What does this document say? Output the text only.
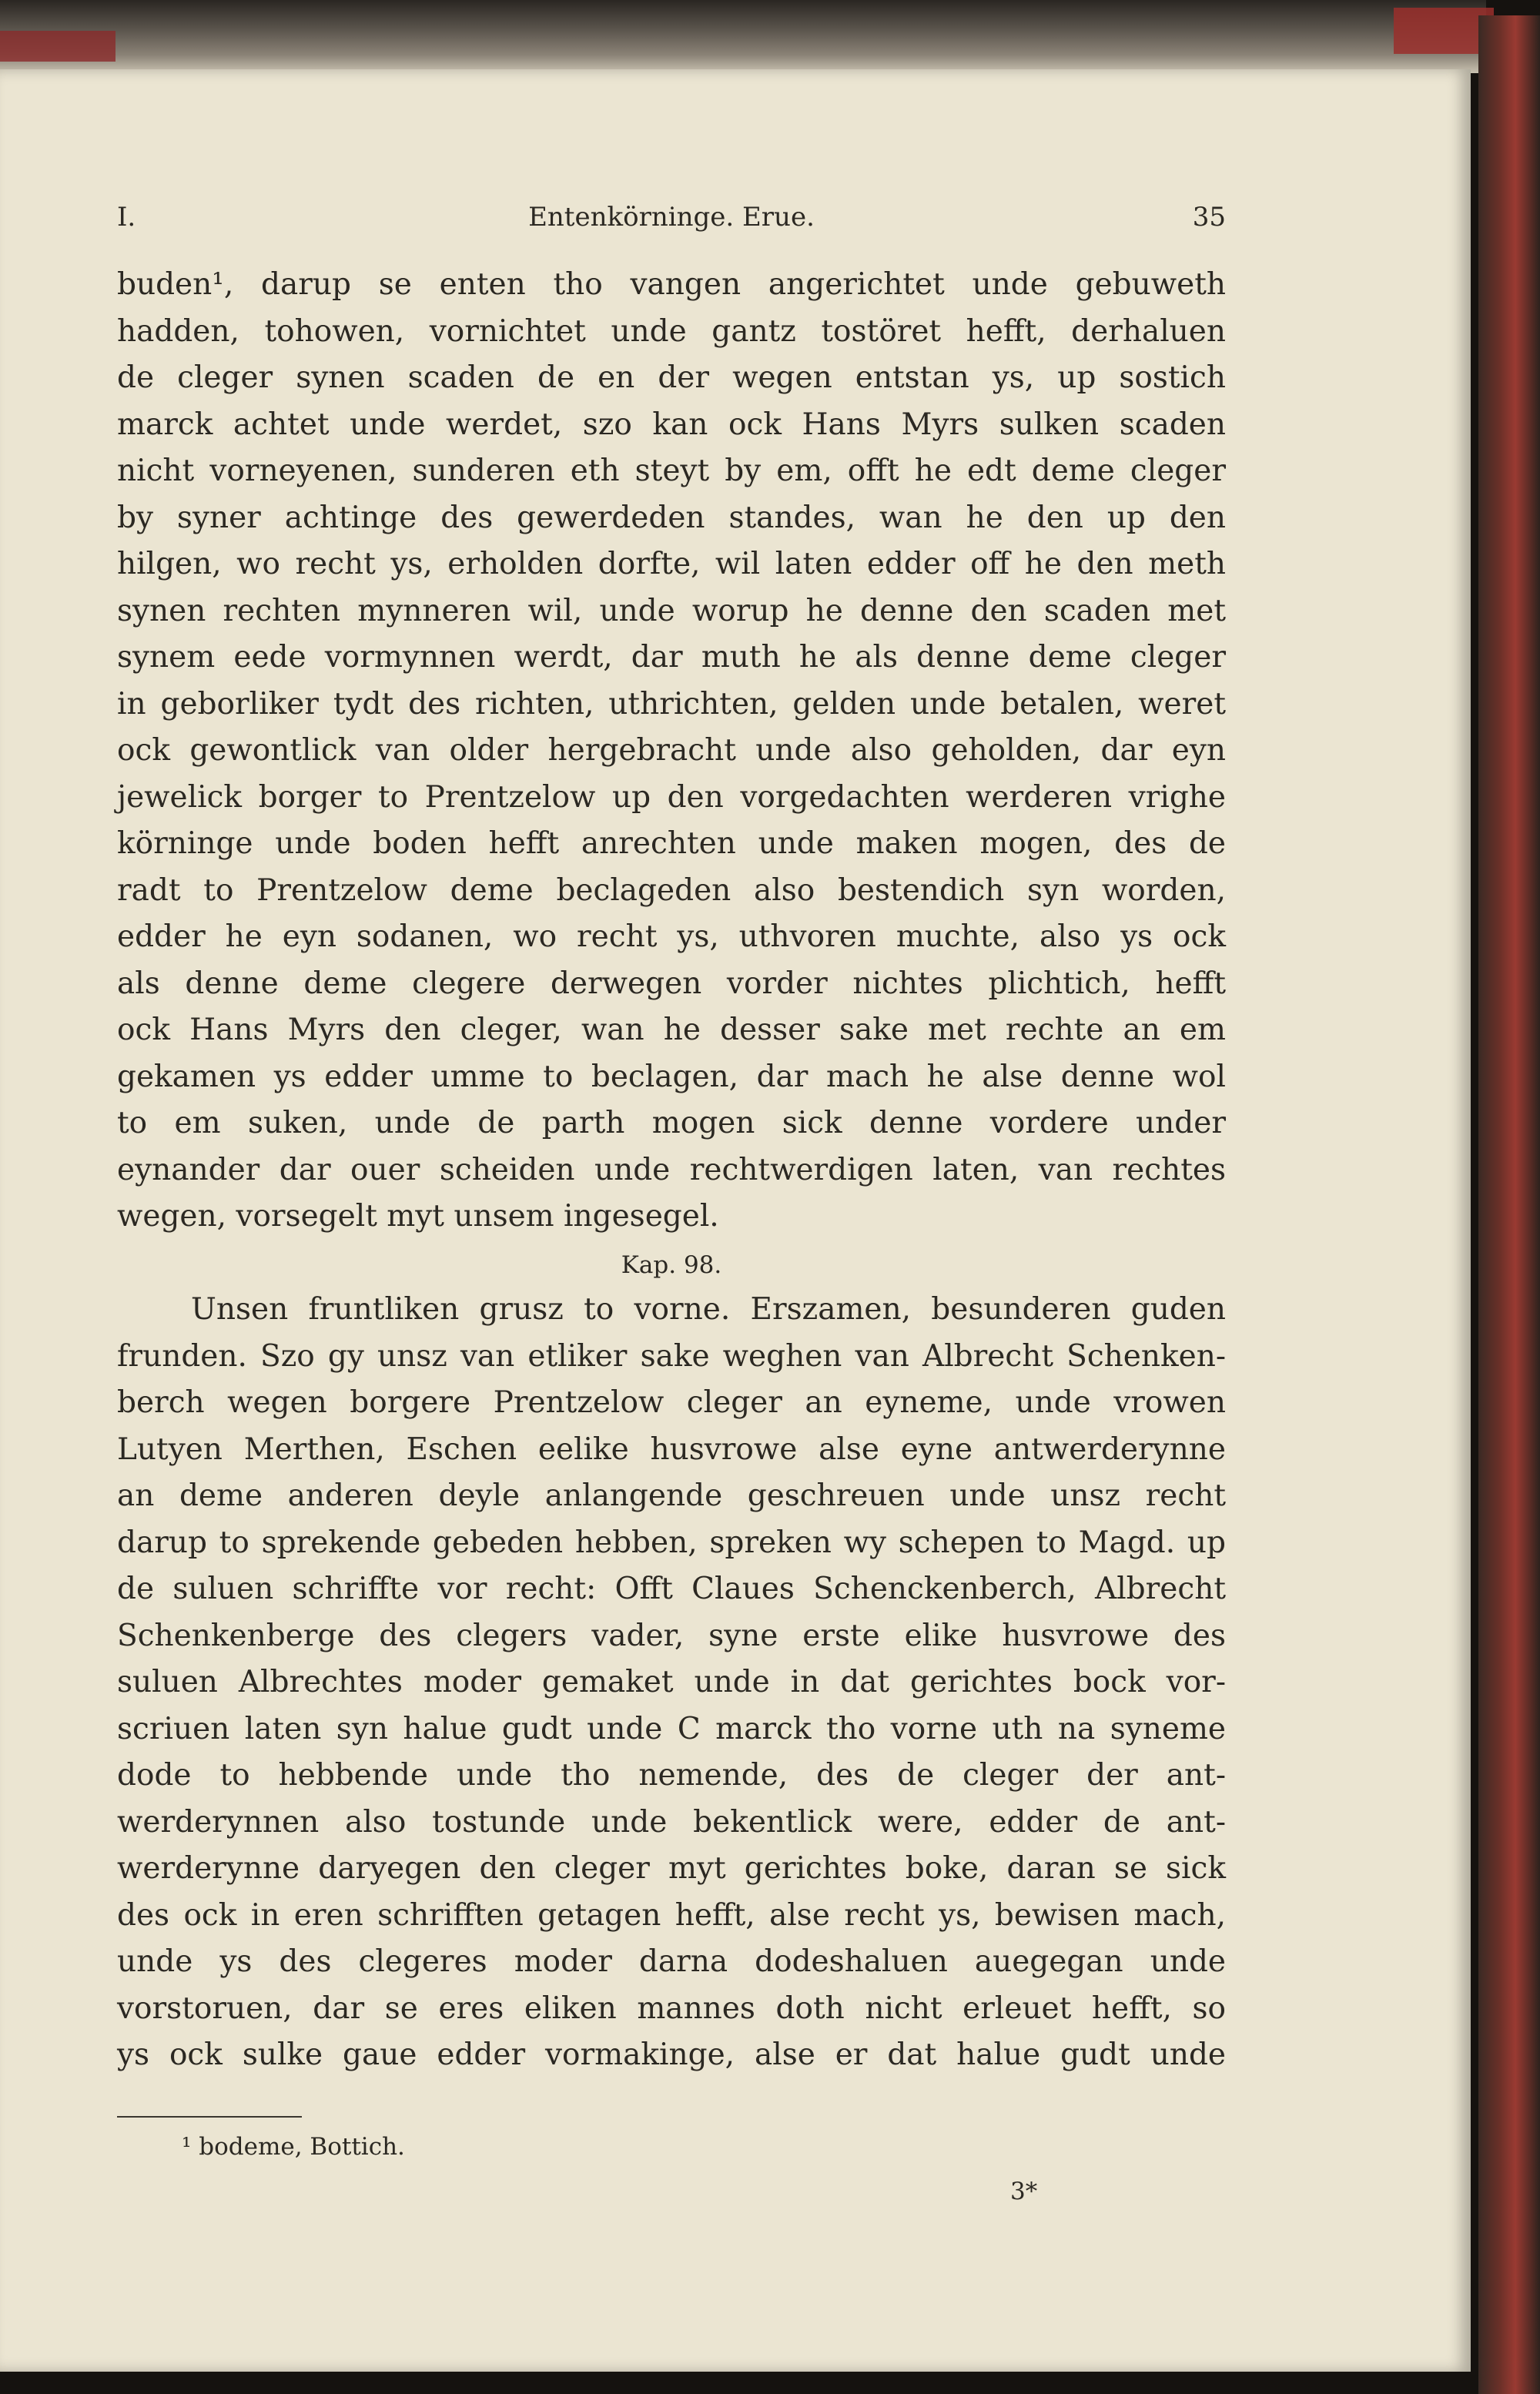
I.	Entenkörninge. Erue.	35
buden¹, darup se enten tho vangen angerichtet unde gebuweth
hadden, tohowen, vornichtet unde gantz tostöret hefft, derhaluen
de cleger synen scaden de en der wegen entstan ys, up sostich
marck achtet unde werdet, szo kan ock Hans Myrs sulken scaden
nicht vorneyenen, sunderen eth steyt by em, offt he edt deme cleger
by syner achtinge des gewerdeden standes, wan he den up den
hilgen, wo recht ys, erholden dorfte, wil laten edder off he den meth
synen rechten mynneren wil, unde worup he denne den scaden met
synem eede vormynnen werdt, dar muth he als denne deme cleger
in geborliker tydt des richten, uthrichten, gelden unde betalen, weret
ock gewontlick van older hergebracht unde also geholden, dar eyn
jewelick borger to Prentzelow up den vorgedachten werderen vrighe
körninge unde boden hefft anrechten unde maken mogen, des de
radt to Prentzelow deme beclageden also bestendich syn worden,
edder he eyn sodanen, wo recht ys, uthvoren muchte, also ys ock
als denne deme clegere derwegen vorder nichtes plichtich, hefft
ock Hans Myrs den cleger, wan he desser sake met rechte an em
gekamen ys edder umme to beclagen, dar mach he alse denne wol
to em suken, unde de parth mogen sick denne vordere under
eynander dar ouer scheiden unde rechtwerdigen laten, van rechtes
wegen, vorsegelt myt unsem ingesegel.
Kap. 98.
Unsen fruntliken grusz to vorne. Erszamen, besunderen guden
frunden. Szo gy unsz van etliker sake weghen van Albrecht Schenken-
berch wegen borgere Prentzelow cleger an eyneme, unde vrowen
Lutyen Merthen, Eschen eelike husvrowe alse eyne antwerderynne
an deme anderen deyle anlangende geschreuen unde unsz recht
darup to sprekende gebeden hebben, spreken wy schepen to Magd. up
de suluen schriffte vor recht: Offt Claues Schenckenberch, Albrecht
Schenkenberge des clegers vader, syne erste elike husvrowe des
suluen Albrechtes moder gemaket unde in dat gerichtes bock vor-
scriuen laten syn halue gudt unde C marck tho vorne uth na syneme
dode to hebbende unde tho nemende, des de cleger der ant-
werderynnen also tostunde unde bekentlick were, edder de ant-
werderynne daryegen den cleger myt gerichtes boke, daran se sick
des ock in eren schrifften getagen hefft, alse recht ys, bewisen mach,
unde ys des clegeres moder darna dodeshaluen auegegan unde
vorstoruen, dar se eres eliken mannes doth nicht erleuet hefft, so
ys ock sulke gaue edder vormakinge, alse er dat halue gudt unde
¹ bodeme, Bottich.
3*
